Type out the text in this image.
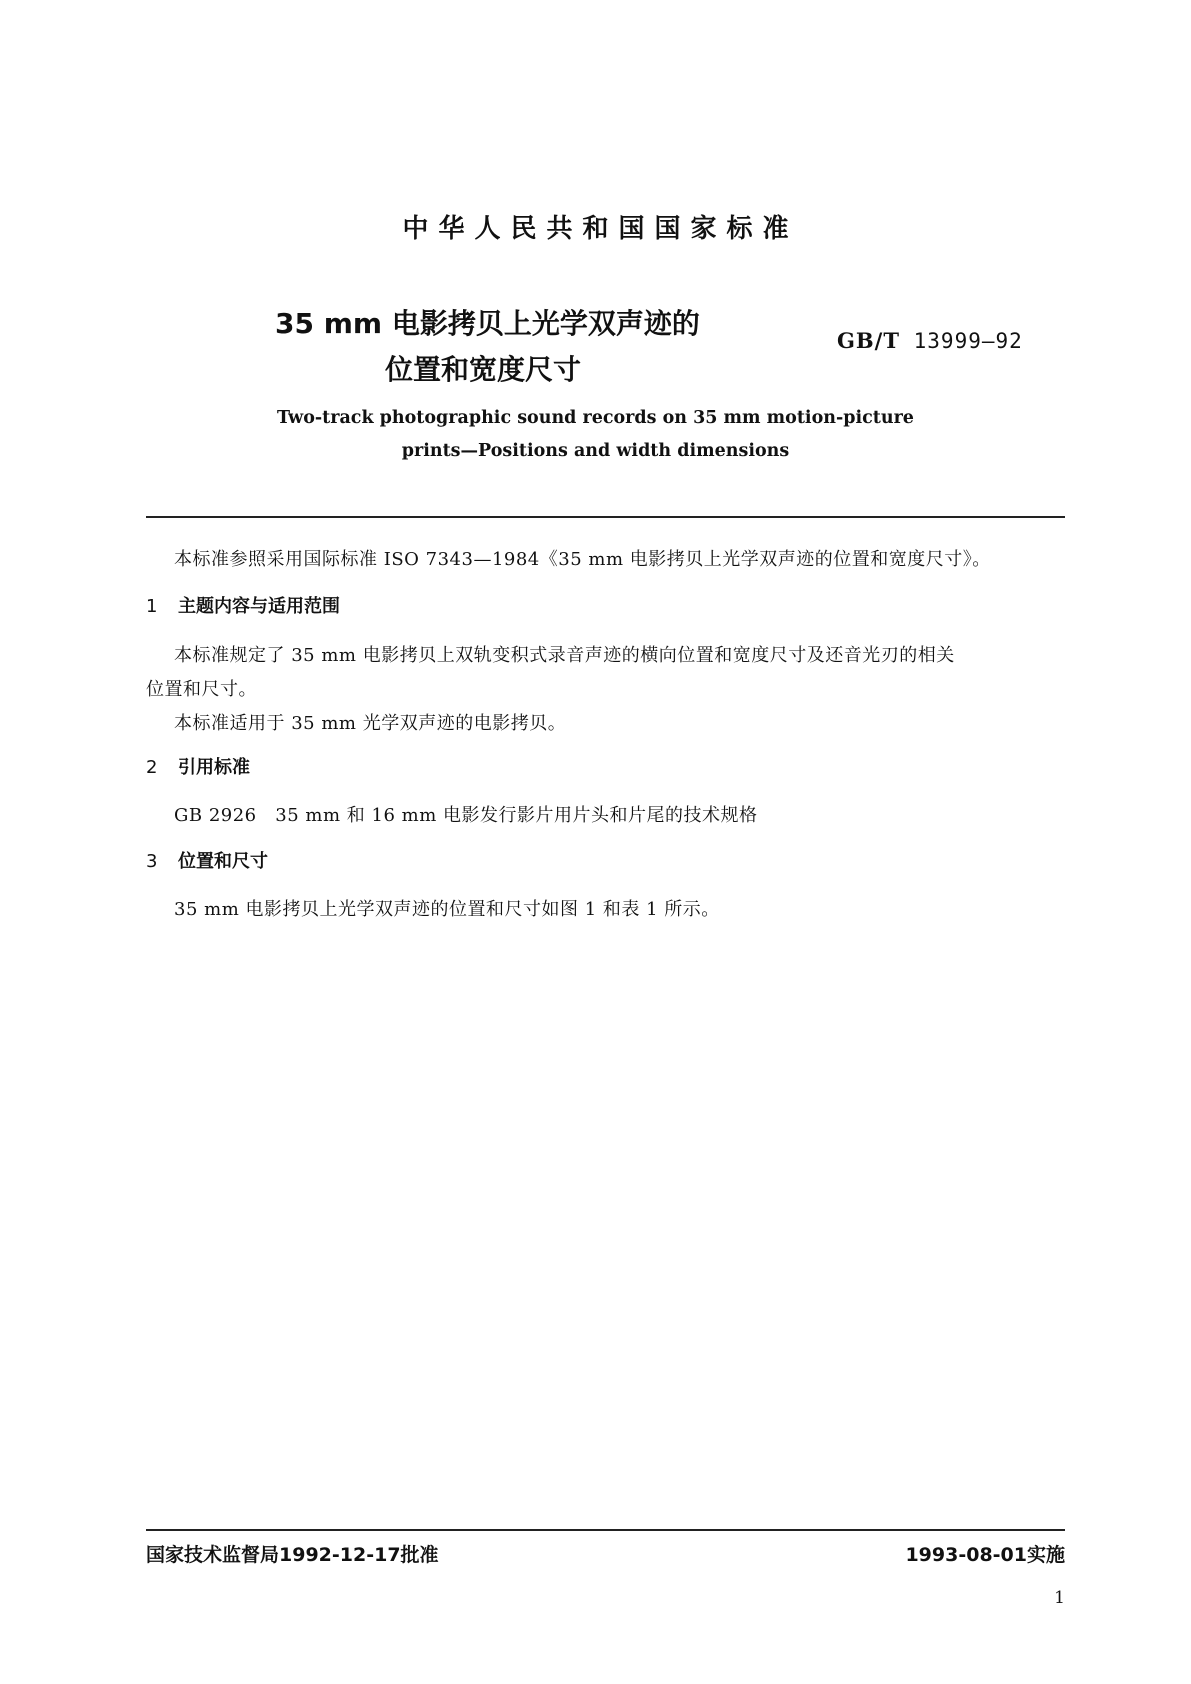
中华人民共和国国家标准
35 mm 电影拷贝上光学双声迹的
位置和宽度尺寸
GB/T 13999—92
Two-track photographic sound records on 35 mm motion-picture
prints—Positions and width dimensions
本标准参照采用国际标准 ISO 7343—1984《35 mm 电影拷贝上光学双声迹的位置和宽度尺寸》。
1 主题内容与适用范围
本标准规定了 35 mm 电影拷贝上双轨变积式录音声迹的横向位置和宽度尺寸及还音光刃的相关
位置和尺寸。
本标准适用于 35 mm 光学双声迹的电影拷贝。
2 引用标准
GB 2926   35 mm 和 16 mm 电影发行影片用片头和片尾的技术规格
3 位置和尺寸
35 mm 电影拷贝上光学双声迹的位置和尺寸如图 1 和表 1 所示。
国家技术监督局1992-12-17批准	1993-08-01实施
1
